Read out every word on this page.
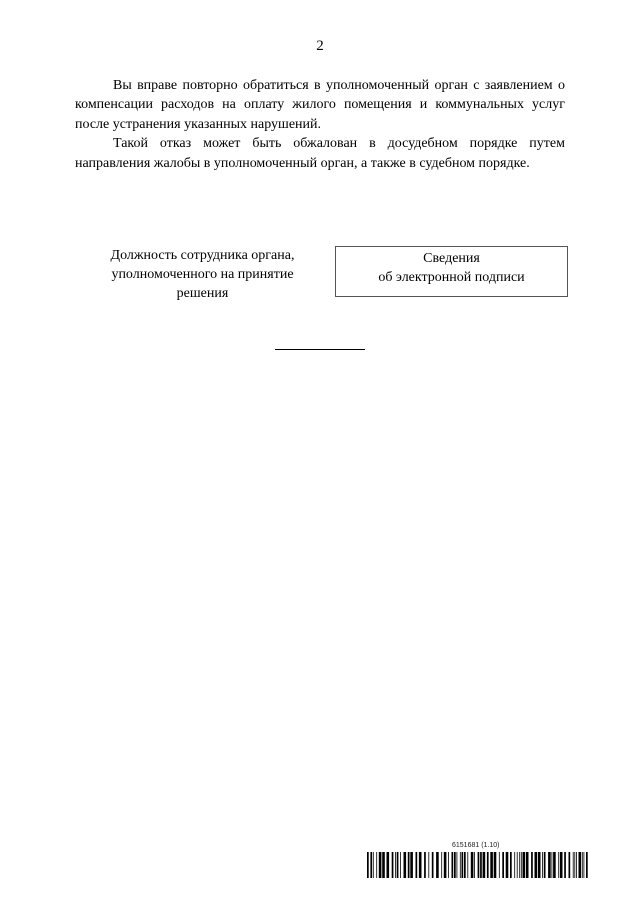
2

Вы вправе повторно обратиться в уполномоченный орган с заявлением о компенсации расходов на оплату жилого помещения и коммунальных услуг после устранения указанных нарушений.

Такой отказ может быть обжалован в досудебном порядке путем направления жалобы в уполномоченный орган, а также в судебном порядке.

Должность сотрудника органа,
уполномоченного на принятие
решения
Сведения
об электронной подписи
6151681 (1.10)
